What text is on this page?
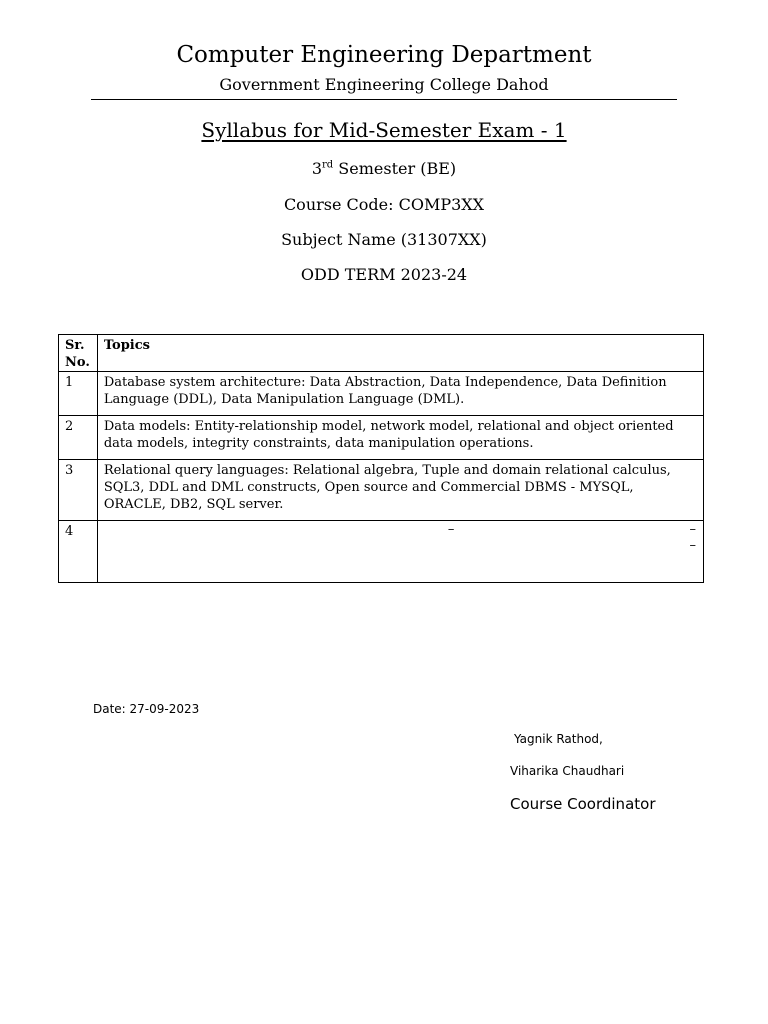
Computer Engineering Department
Government Engineering College Dahod
Syllabus for Mid-Semester Exam - 1
3rd Semester (BE)
Course Code: COMP3XX
Subject Name (31307XX)
ODD TERM 2023-24
Sr. No.	Topics
1	Database system architecture: Data Abstraction, Data Independence, Data Definition Language (DDL), Data Manipulation Language (DML).
2	Data models: Entity-relationship model, network model, relational and object oriented data models, integrity constraints, data manipulation operations.
3	Relational query languages: Relational algebra, Tuple and domain relational calculus, SQL3, DDL and DML constructs, Open source and Commercial DBMS - MYSQL, ORACLE, DB2, SQL server.
4	– –
–
Date: 27-09-2023
Yagnik Rathod,
Viharika Chaudhari
Course Coordinator
